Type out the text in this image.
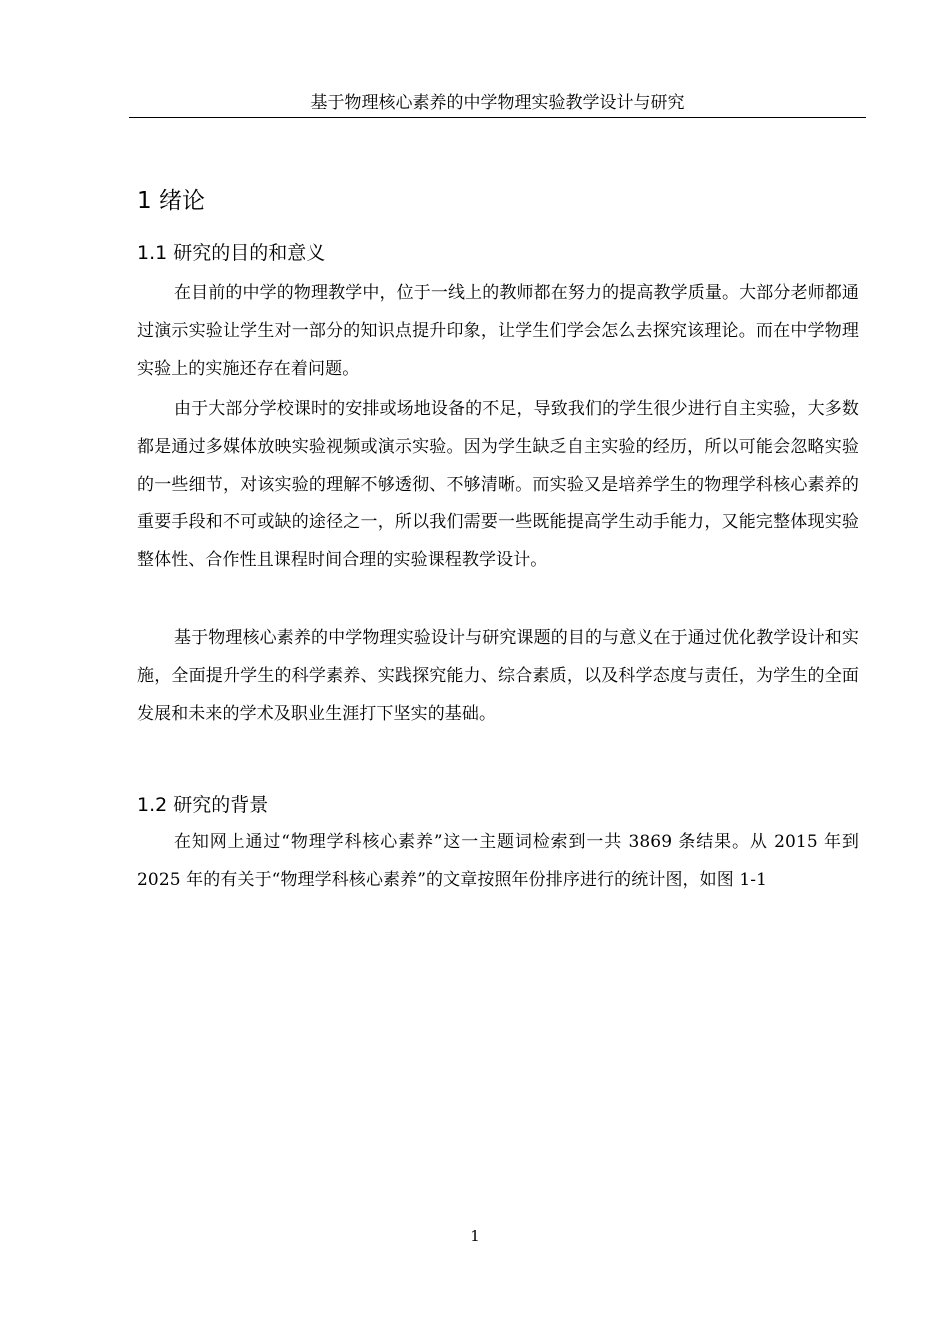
基于物理核心素养的中学物理实验教学设计与研究
1 绪论
1.1 研究的目的和意义

在目前的中学的物理教学中，位于一线上的教师都在努力的提高教学质量。大部分老师都通过演示实验让学生对一部分的知识点提升印象，让学生们学会怎么去探究该理论。而在中学物理实验上的实施还存在着问题。

由于大部分学校课时的安排或场地设备的不足，导致我们的学生很少进行自主实验，大多数都是通过多媒体放映实验视频或演示实验。因为学生缺乏自主实验的经历，所以可能会忽略实验的一些细节，对该实验的理解不够透彻、不够清晰。而实验又是培养学生的物理学科核心素养的重要手段和不可或缺的途径之一，所以我们需要一些既能提高学生动手能力，又能完整体现实验整体性、合作性且课程时间合理的实验课程教学设计。

基于物理核心素养的中学物理实验设计与研究课题的目的与意义在于通过优化教学设计和实施，全面提升学生的科学素养、实践探究能力、综合素质，以及科学态度与责任，为学生的全面发展和未来的学术及职业生涯打下坚实的基础。

1.2 研究的背景

在知网上通过“物理学科核心素养”这一主题词检索到一共 3869 条结果。从 2015 年到 2025 年的有关于“物理学科核心素养”的文章按照年份排序进行的统计图，如图 1-1

1
